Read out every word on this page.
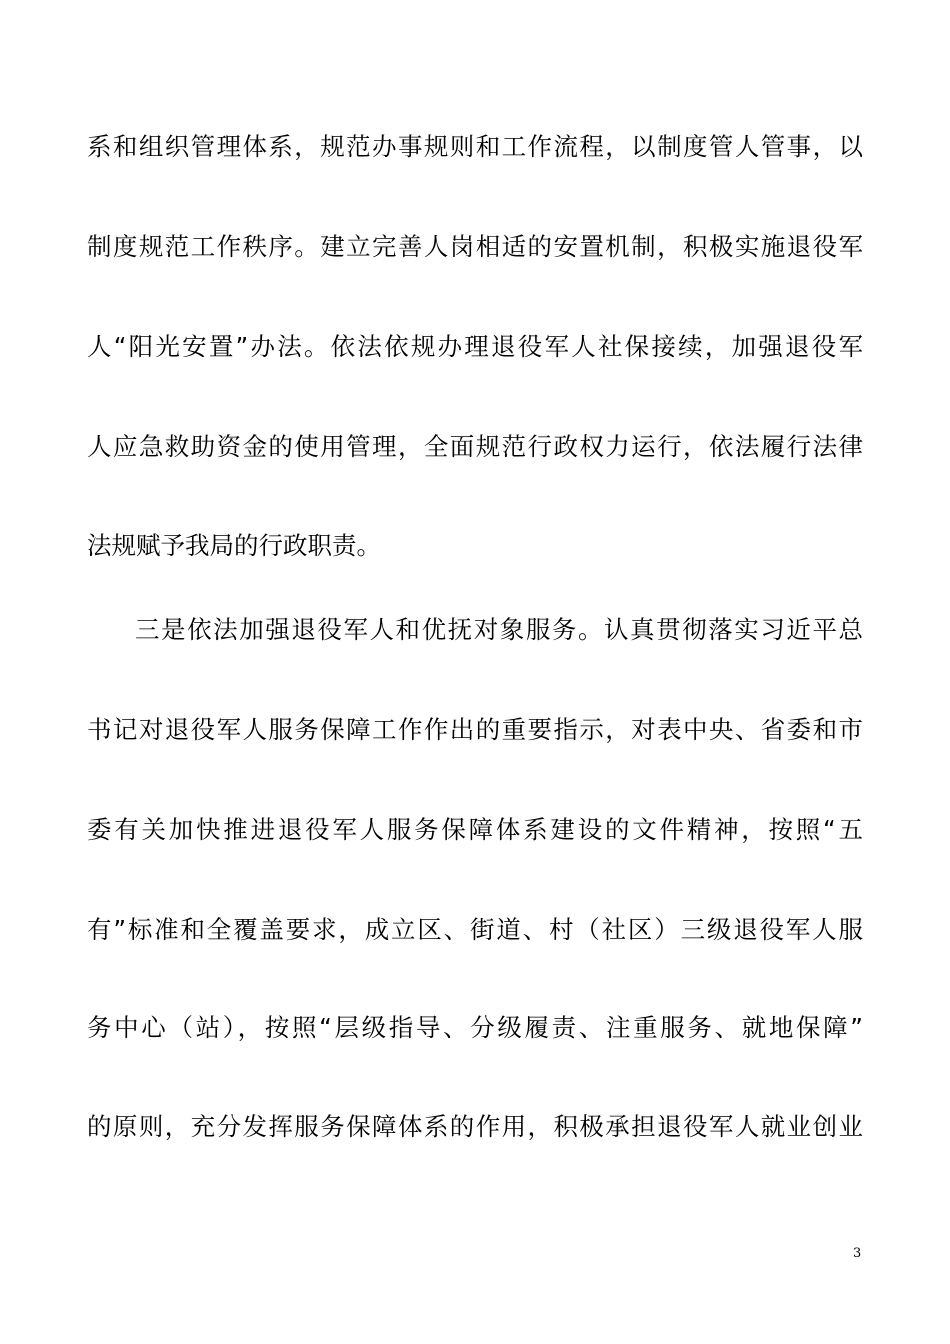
系和组织管理体系，规范办事规则和工作流程，以制度管人管事，以
制度规范工作秩序。建立完善人岗相适的安置机制，积极实施退役军
人“阳光安置”办法。依法依规办理退役军人社保接续，加强退役军
人应急救助资金的使用管理，全面规范行政权力运行，依法履行法律
法规赋予我局的行政职责。
三是依法加强退役军人和优抚对象服务。认真贯彻落实习近平总
书记对退役军人服务保障工作作出的重要指示，对表中央、省委和市
委有关加快推进退役军人服务保障体系建设的文件精神，按照“五
有”标准和全覆盖要求，成立区、街道、村（社区）三级退役军人服
务中心（站），按照“层级指导、分级履责、注重服务、就地保障”
的原则，充分发挥服务保障体系的作用，积极承担退役军人就业创业
3
